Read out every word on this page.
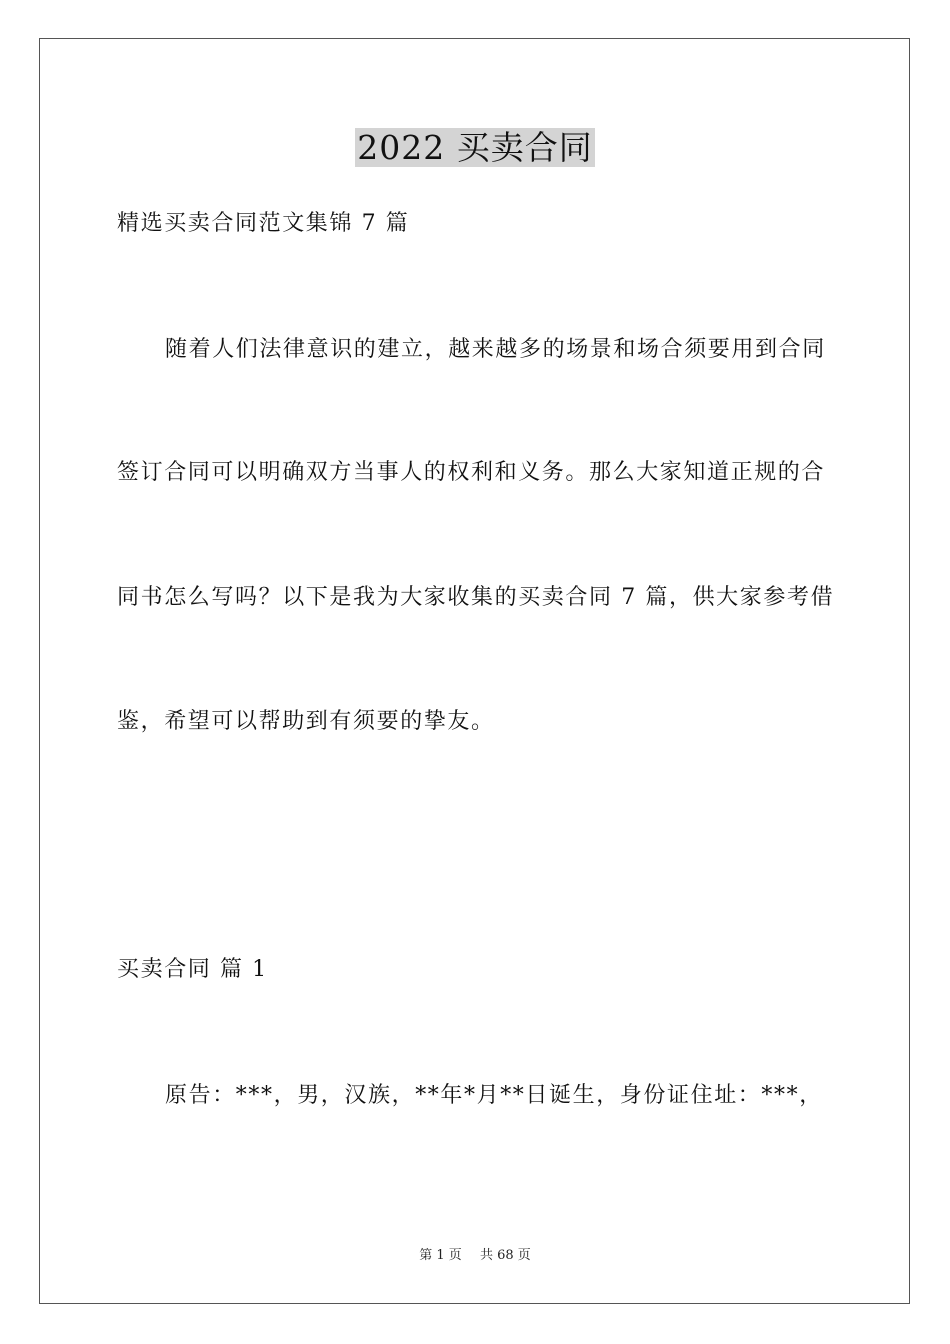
2022 买卖合同
精选买卖合同范文集锦 7 篇
随着人们法律意识的建立，越来越多的场景和场合须要用到合同
签订合同可以明确双方当事人的权利和义务。那么大家知道正规的合
同书怎么写吗？以下是我为大家收集的买卖合同 7 篇，供大家参考借
鉴，希望可以帮助到有须要的挚友。
买卖合同 篇 1
原告：***，男，汉族，**年*月**日诞生，身份证住址：***，
第 1 页 共 68 页
